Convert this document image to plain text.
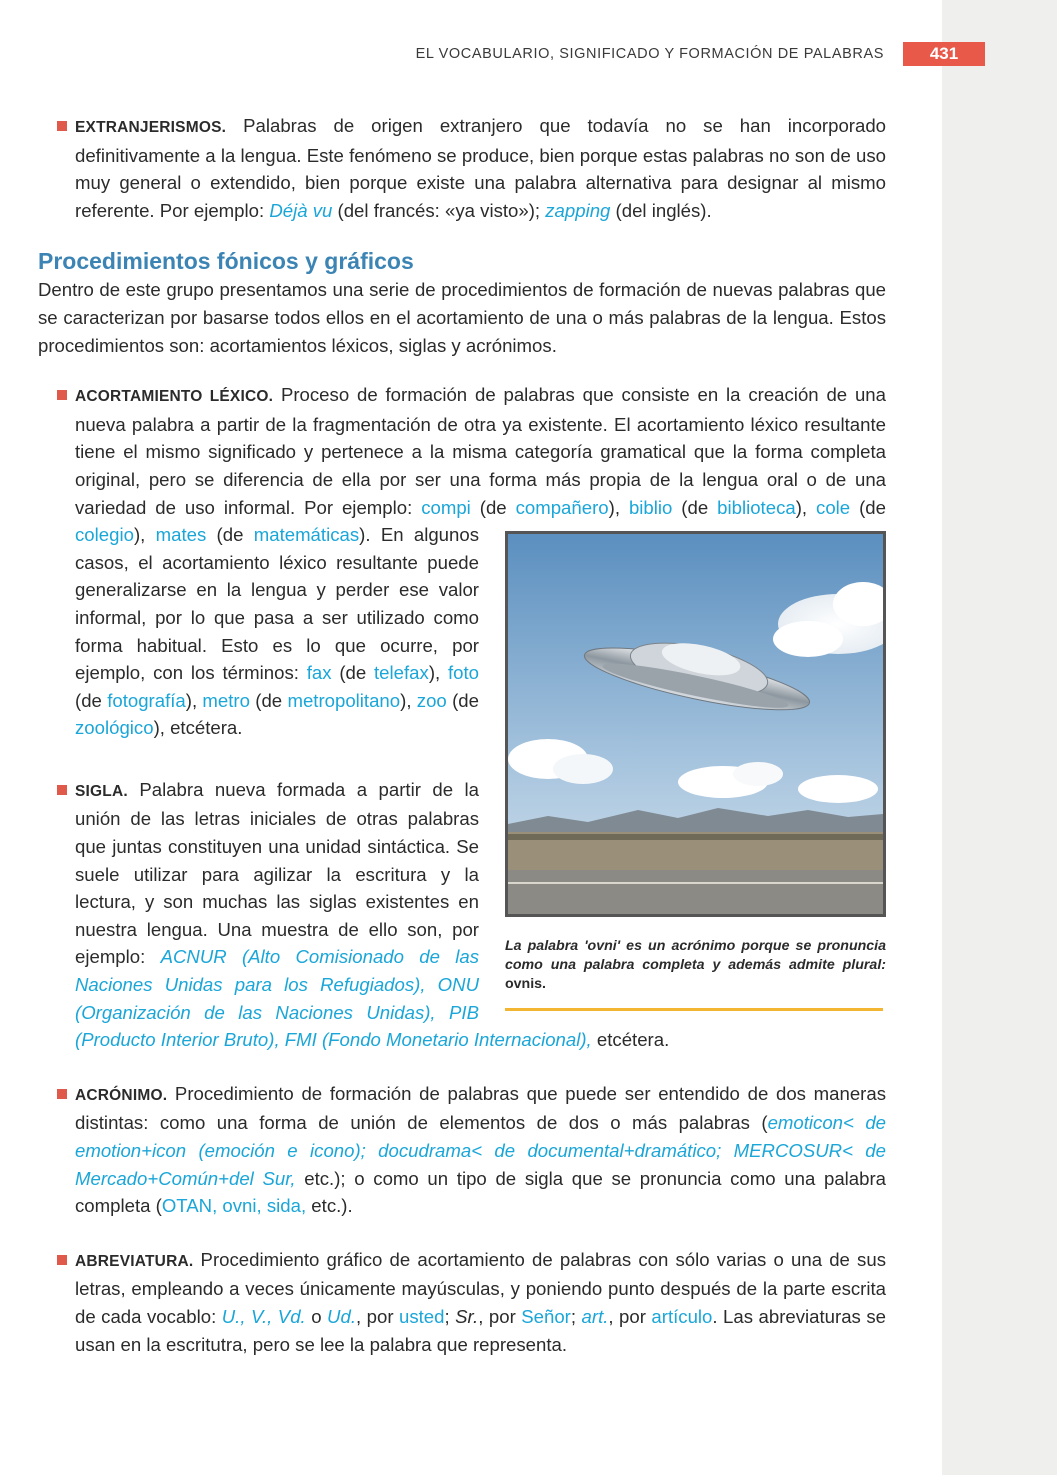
EL VOCABULARIO, SIGNIFICADO Y FORMACIÓN DE PALABRAS	431
EXTRANJERISMOS. Palabras de origen extranjero que todavía no se han incorporado definitivamente a la lengua. Este fenómeno se produce, bien porque estas palabras no son de uso muy general o extendido, bien porque existe una palabra alternativa para designar al mismo referente. Por ejemplo: Déjà vu (del francés: «ya visto»); zapping (del inglés).
Procedimientos fónicos y gráficos
Dentro de este grupo presentamos una serie de procedimientos de formación de nuevas palabras que se caracterizan por basarse todos ellos en el acortamiento de una o más palabras de la lengua. Estos procedimientos son: acortamientos léxicos, siglas y acrónimos.
ACORTAMIENTO LÉXICO. Proceso de formación de palabras que consiste en la creación de una nueva palabra a partir de la fragmentación de otra ya existente. El acortamiento léxico resultante tiene el mismo significado y pertenece a la misma categoría gramatical que la forma completa original, pero se diferencia de ella por ser una forma más propia de la lengua oral o de una variedad de uso informal. Por ejemplo: compi (de compañero), biblio (de biblioteca), cole (de colegio), mates (de matemáticas).
La palabra 'ovni' es un acrónimo porque se pronuncia como una palabra completa y además admite plural: ovnis.
En algunos casos, el acortamiento léxico resultante puede generalizarse en la lengua y perder ese valor informal, por lo que pasa a ser utilizado como forma habitual. Esto es lo que ocurre, por ejemplo, con los términos: fax (de telefax), foto (de fotografía), metro (de metropolitano), zoo (de zoológico), etcétera.
SIGLA. Palabra nueva formada a partir de la unión de las letras iniciales de otras palabras que juntas constituyen una unidad sintáctica. Se suele utilizar para agilizar la escritura y la lectura, y son muchas las siglas existentes en nuestra lengua. Una muestra de ello son, por ejemplo: ACNUR (Alto Comisionado de las Naciones Unidas para los Refugiados), ONU (Organización de las Naciones Unidas), PIB (Producto Interior Bruto), FMI (Fondo Monetario Internacional), etcétera.
ACRÓNIMO. Procedimiento de formación de palabras que puede ser entendido de dos maneras distintas: como una forma de unión de elementos de dos o más palabras (emoticon< de emotion+icon (emoción e icono); docudrama< de documental+dramático; MERCOSUR< de Mercado+Común+del Sur, etc.); o como un tipo de sigla que se pronuncia como una palabra completa (OTAN, ovni, sida, etc.).
ABREVIATURA. Procedimiento gráfico de acortamiento de palabras con sólo varias o una de sus letras, empleando a veces únicamente mayúsculas, y poniendo punto después de la parte escrita de cada vocablo: U., V., Vd. o Ud., por usted; Sr., por Señor; art., por artículo. Las abreviaturas se usan en la escritutra, pero se lee la palabra que representa.
